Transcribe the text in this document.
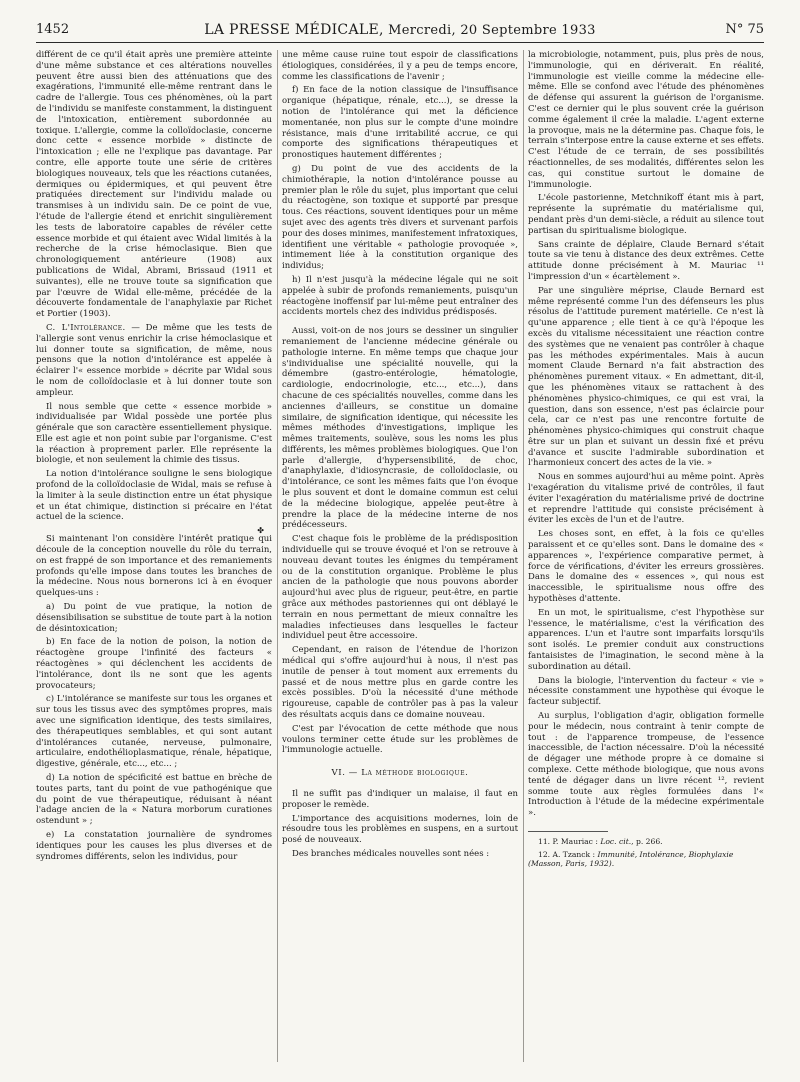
1452	LA PRESSE MÉDICALE, Mercredi, 20 Septembre 1933	N° 75

différent de ce qu'il était après une première atteinte d'une même substance et ces altérations nouvelles peuvent être aussi bien des atténuations que des exagérations, l'immunité elle-même rentrant dans le cadre de l'allergie. Tous ces phénomènes, où la part de l'individu se manifeste constamment, la distinguent de l'intoxication, entièrement subordonnée au toxique. L'allergie, comme la colloïdoclasie, concerne donc cette « essence morbide » distincte de l'intoxication ; elle ne l'explique pas davantage. Par contre, elle apporte toute une série de critères biologiques nouveaux, tels que les réactions cutanées, dermiques ou épidermiques, et qui peuvent être pratiquées directement sur l'individu malade ou transmises à un individu sain. De ce point de vue, l'étude de l'allergie étend et enrichit singulièrement les tests de laboratoire capables de révéler cette essence morbide et qui étaient avec Widal limités à la recherche de la crise hémoclasique. Bien que chronologiquement antérieure (1908) aux publications de Widal, Abrami, Brissaud (1911 et suivantes), elle ne trouve toute sa signification que par l'œuvre de Widal elle-même, précédée de la découverte fondamentale de l'anaphylaxie par Richet et Portier (1903).

C. L'Intolérance. — De même que les tests de l'allergie sont venus enrichir la crise hémoclasique et lui donner toute sa signification, de même, nous pensons que la notion d'intolérance est appelée à éclairer l'« essence morbide » décrite par Widal sous le nom de colloïdoclasie et à lui donner toute son ampleur.

Il nous semble que cette « essence morbide » individualisée par Widal possède une portée plus générale que son caractère essentiellement physique. Elle est agie et non point subie par l'organisme. C'est la réaction à proprement parler. Elle représente la biologie, et non seulement la chimie des tissus.

La notion d'intolérance souligne le sens biologique profond de la colloïdoclasie de Widal, mais se refuse à la limiter à la seule distinction entre un état physique et un état chimique, distinction si précaire en l'état actuel de la science.

✤

Si maintenant l'on considère l'intérêt pratique qui découle de la conception nouvelle du rôle du terrain, on est frappé de son importance et des remaniements profonds qu'elle impose dans toutes les branches de la médecine. Nous nous bornerons ici à en évoquer quelques-uns :

a) Du point de vue pratique, la notion de désensibilisation se substitue de toute part à la notion de désintoxication;

b) En face de la notion de poison, la notion de réactogène groupe l'infinité des facteurs « réactogènes » qui déclenchent les accidents de l'intolérance, dont ils ne sont que les agents provocateurs;

c) L'intolérance se manifeste sur tous les organes et sur tous les tissus avec des symptômes propres, mais avec une signification identique, des tests similaires, des thérapeutiques semblables, et qui sont autant d'intolérances cutanée, nerveuse, pulmonaire, articulaire, endothélioplasmatique, rénale, hépatique, digestive, générale, etc..., etc... ;

d) La notion de spécificité est battue en brèche de toutes parts, tant du point de vue pathogénique que du point de vue thérapeutique, réduisant à néant l'adage ancien de la « Natura morborum curationes ostendunt » ;

e) La constatation journalière de syndromes identiques pour les causes les plus diverses et de syndromes différents, selon les individus, pour

une même cause ruine tout espoir de classifications étiologiques, considérées, il y a peu de temps encore, comme les classifications de l'avenir ;

f) En face de la notion classique de l'insuffisance organique (hépatique, rénale, etc...), se dresse la notion de l'intolérance qui met la déficience momentanée, non plus sur le compte d'une moindre résistance, mais d'une irritabilité accrue, ce qui comporte des significations thérapeutiques et pronostiques hautement différentes ;

g) Du point de vue des accidents de la chimiothérapie, la notion d'intolérance pousse au premier plan le rôle du sujet, plus important que celui du réactogène, son toxique et supporté par presque tous. Ces réactions, souvent identiques pour un même sujet avec des agents très divers et survenant parfois pour des doses minimes, manifestement infratoxiques, identifient une véritable « pathologie provoquée », intimement liée à la constitution organique des individus;

h) Il n'est jusqu'à la médecine légale qui ne soit appelée à subir de profonds remaniements, puisqu'un réactogène inoffensif par lui-même peut entraîner des accidents mortels chez des individus prédisposés.

Aussi, voit-on de nos jours se dessiner un singulier remaniement de l'ancienne médecine générale ou pathologie interne. En même temps que chaque jour s'individualise une spécialité nouvelle, qui la démembre (gastro-entérologie, hématologie, cardiologie, endocrinologie, etc..., etc...), dans chacune de ces spécialités nouvelles, comme dans les anciennes d'ailleurs, se constitue un domaine similaire, de signification identique, qui nécessite les mêmes méthodes d'investigations, implique les mêmes traitements, soulève, sous les noms les plus différents, les mêmes problèmes biologiques. Que l'on parle d'allergie, d'hypersensibilité, de choc, d'anaphylaxie, d'idiosyncrasie, de colloïdoclasie, ou d'intolérance, ce sont les mêmes faits que l'on évoque le plus souvent et dont le domaine commun est celui de la médecine biologique, appelée peut-être à prendre la place de la médecine interne de nos prédécesseurs.

C'est chaque fois le problème de la prédisposition individuelle qui se trouve évoqué et l'on se retrouve à nouveau devant toutes les énigmes du tempérament ou de la constitution organique. Problème le plus ancien de la pathologie que nous pouvons aborder aujourd'hui avec plus de rigueur, peut-être, en partie grâce aux méthodes pastoriennes qui ont déblayé le terrain en nous permettant de mieux connaître les maladies infectieuses dans lesquelles le facteur individuel peut être accessoire.

Cependant, en raison de l'étendue de l'horizon médical qui s'offre aujourd'hui à nous, il n'est pas inutile de penser à tout moment aux errements du passé et de nous mettre plus en garde contre les excès possibles. D'où la nécessité d'une méthode rigoureuse, capable de contrôler pas à pas la valeur des résultats acquis dans ce domaine nouveau.

C'est par l'évocation de cette méthode que nous voulons terminer cette étude sur les problèmes de l'immunologie actuelle.

VI. — La méthode biologique.

Il ne suffit pas d'indiquer un malaise, il faut en proposer le remède.

L'importance des acquisitions modernes, loin de résoudre tous les problèmes en suspens, en a surtout posé de nouveaux.

Des branches médicales nouvelles sont nées :

la microbiologie, notamment, puis, plus près de nous, l'immunologie, qui en dériverait. En réalité, l'immunologie est vieille comme la médecine elle-même. Elle se confond avec l'étude des phénomènes de défense qui assurent la guérison de l'organisme. C'est ce dernier qui le plus souvent crée la guérison comme également il crée la maladie. L'agent externe la provoque, mais ne la détermine pas. Chaque fois, le terrain s'interpose entre la cause externe et ses effets. C'est l'étude de ce terrain, de ses possibilités réactionnelles, de ses modalités, différentes selon les cas, qui constitue surtout le domaine de l'immunologie.

L'école pastorienne, Metchnikoff étant mis à part, représente la suprématie du matérialisme qui, pendant près d'un demi-siècle, a réduit au silence tout partisan du spiritualisme biologique.

Sans crainte de déplaire, Claude Bernard s'était toute sa vie tenu à distance des deux extrêmes. Cette attitude donne précisément à M. Mauriac ¹¹ l'impression d'un « écartèlement ».

Par une singulière méprise, Claude Bernard est même représenté comme l'un des défenseurs les plus résolus de l'attitude purement matérielle. Ce n'est là qu'une apparence ; elle tient à ce qu'à l'époque les excès du vitalisme nécessitaient une réaction contre des systèmes que ne venaient pas contrôler à chaque pas les méthodes expérimentales. Mais à aucun moment Claude Bernard n'a fait abstraction des phénomènes purement vitaux. « En admettant, dit-il, que les phénomènes vitaux se rattachent à des phénomènes physico-chimiques, ce qui est vrai, la question, dans son essence, n'est pas éclaircie pour cela, car ce n'est pas une rencontre fortuite de phénomènes physico-chimiques qui construit chaque être sur un plan et suivant un dessin fixé et prévu d'avance et suscite l'admirable subordination et l'harmonieux concert des actes de la vie. »

Nous en sommes aujourd'hui au même point. Après l'exagération du vitalisme privé de contrôles, il faut éviter l'exagération du matérialisme privé de doctrine et reprendre l'attitude qui consiste précisément à éviter les excès de l'un et de l'autre.

Les choses sont, en effet, à la fois ce qu'elles paraissent et ce qu'elles sont. Dans le domaine des « apparences », l'expérience comparative permet, à force de vérifications, d'éviter les erreurs grossières. Dans le domaine des « essences », qui nous est inaccessible, le spiritualisme nous offre des hypothèses d'attente.

En un mot, le spiritualisme, c'est l'hypothèse sur l'essence, le matérialisme, c'est la vérification des apparences. L'un et l'autre sont imparfaits lorsqu'ils sont isolés. Le premier conduit aux constructions fantaisistes de l'imagination, le second mène à la subordination au détail.

Dans la biologie, l'intervention du facteur « vie » nécessite constamment une hypothèse qui évoque le facteur subjectif.

Au surplus, l'obligation d'agir, obligation formelle pour le médecin, nous contraint à tenir compte de tout : de l'apparence trompeuse, de l'essence inaccessible, de l'action nécessaire. D'où la nécessité de dégager une méthode propre à ce domaine si complexe. Cette méthode biologique, que nous avons tenté de dégager dans un livre récent ¹², revient somme toute aux règles formulées dans l'« Introduction à l'étude de la médecine expérimentale ».

11. P. Mauriac : Loc. cit., p. 266.

12. A. Tzanck : Immunité, Intolérance, Biophylaxie
(Masson, Paris, 1932).
